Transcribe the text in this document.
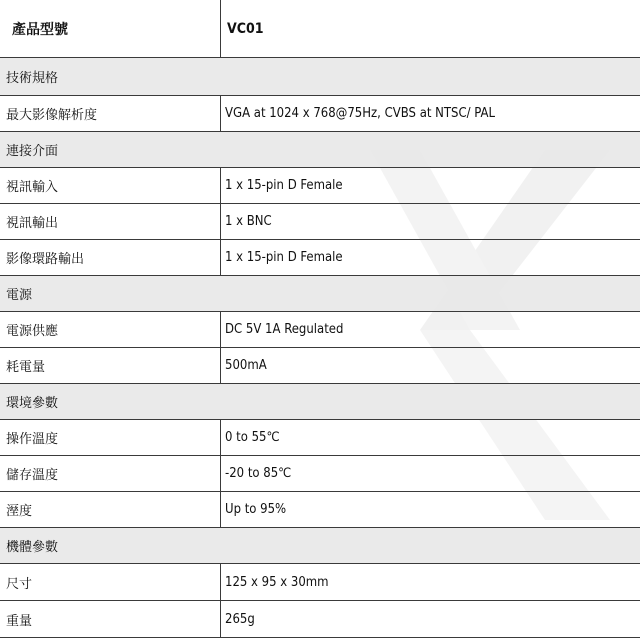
產品型號	VC01
技術規格
最大影像解析度	VGA at 1024 x 768@75Hz, CVBS at NTSC/ PAL
連接介面
視訊輸入	1 x 15-pin D Female
視訊輸出	1 x BNC
影像環路輸出	1 x 15-pin D Female
電源
電源供應	DC 5V 1A Regulated
耗電量	500mA
環境參數
操作溫度	0 to 55℃
儲存溫度	-20 to 85℃
溼度	Up to 95%
機體參數
尺寸	125 x 95 x 30mm
重量	265g
